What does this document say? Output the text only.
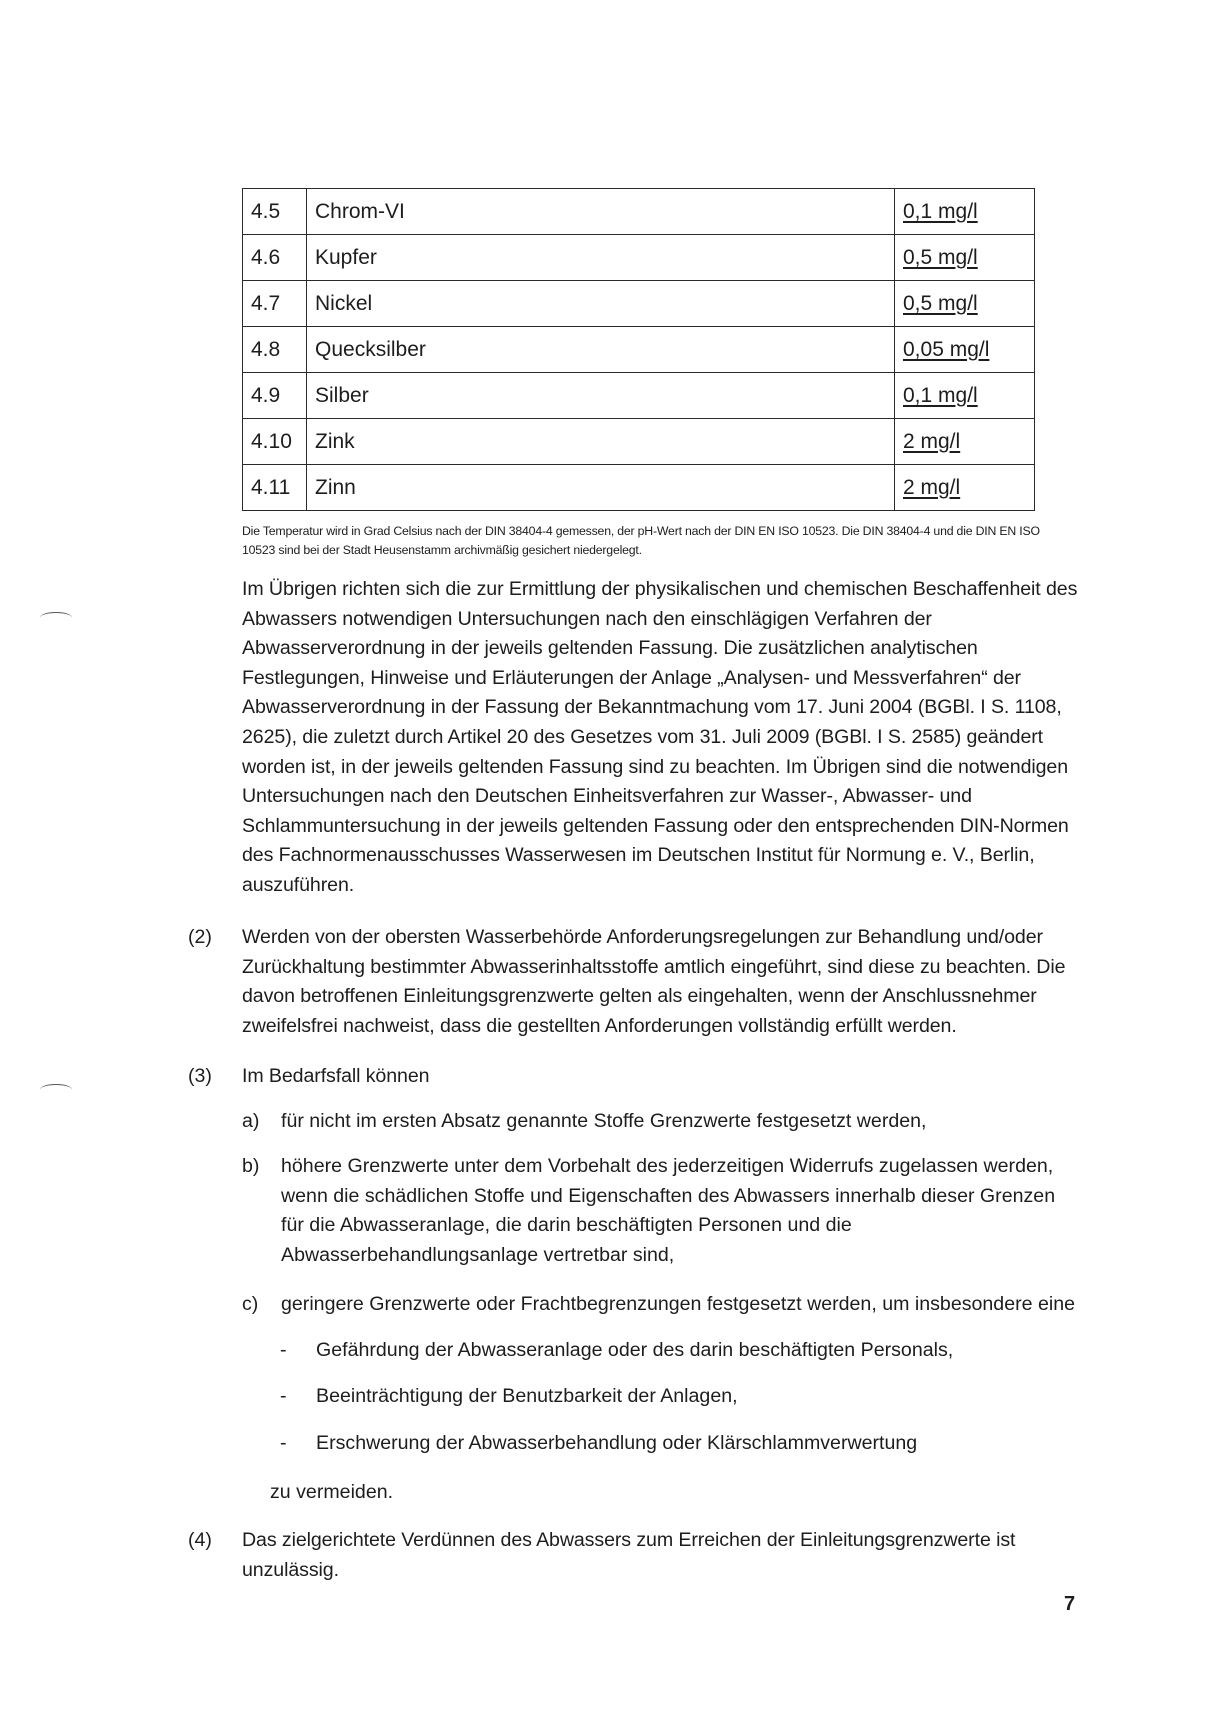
4.5	Chrom-VI	0,1 mg/l
4.6	Kupfer	0,5 mg/l
4.7	Nickel	0,5 mg/l
4.8	Quecksilber	0,05 mg/l
4.9	Silber	0,1 mg/l
4.10	Zink	2 mg/l
4.11	Zinn	2 mg/l
Die Temperatur wird in Grad Celsius nach der DIN 38404-4 gemessen, der pH-Wert nach der DIN EN ISO 10523. Die DIN 38404-4 und die DIN EN ISO 10523 sind bei der Stadt Heusenstamm archivmäßig gesichert niedergelegt.
Im Übrigen richten sich die zur Ermittlung der physikalischen und chemischen Beschaffenheit des Abwassers notwendigen Untersuchungen nach den einschlägigen Verfahren der Abwasserverordnung in der jeweils geltenden Fassung. Die zusätzlichen analytischen Festlegungen, Hinweise und Erläuterungen der Anlage „Analysen- und Messverfahren“ der Abwasserverordnung in der Fassung der Bekanntmachung vom 17. Juni 2004 (BGBl. I S. 1108, 2625), die zuletzt durch Artikel 20 des Gesetzes vom 31. Juli 2009 (BGBl. I S. 2585) geändert worden ist, in der jeweils geltenden Fassung sind zu beachten. Im Übrigen sind die notwendigen Untersuchungen nach den Deutschen Einheitsverfahren zur Wasser-, Abwasser- und Schlammuntersuchung in der jeweils geltenden Fassung oder den entsprechenden DIN-Normen des Fachnormenausschusses Wasserwesen im Deutschen Institut für Normung e. V., Berlin, auszuführen.
(2) Werden von der obersten Wasserbehörde Anforderungsregelungen zur Behandlung und/oder Zurückhaltung bestimmter Abwasserinhaltsstoffe amtlich eingeführt, sind diese zu beachten. Die davon betroffenen Einleitungsgrenzwerte gelten als eingehalten, wenn der Anschlussnehmer zweifelsfrei nachweist, dass die gestellten Anforderungen vollständig erfüllt werden.
(3) Im Bedarfsfall können
a) für nicht im ersten Absatz genannte Stoffe Grenzwerte festgesetzt werden,
b) höhere Grenzwerte unter dem Vorbehalt des jederzeitigen Widerrufs zugelassen werden, wenn die schädlichen Stoffe und Eigenschaften des Abwassers innerhalb dieser Grenzen für die Abwasseranlage, die darin beschäftigten Personen und die Abwasserbehandlungsanlage vertretbar sind,
c) geringere Grenzwerte oder Frachtbegrenzungen festgesetzt werden, um insbesondere eine
- Gefährdung der Abwasseranlage oder des darin beschäftigten Personals,
- Beeinträchtigung der Benutzbarkeit der Anlagen,
- Erschwerung der Abwasserbehandlung oder Klärschlammverwertung
zu vermeiden.
(4) Das zielgerichtete Verdünnen des Abwassers zum Erreichen der Einleitungsgrenzwerte ist unzulässig.
7
